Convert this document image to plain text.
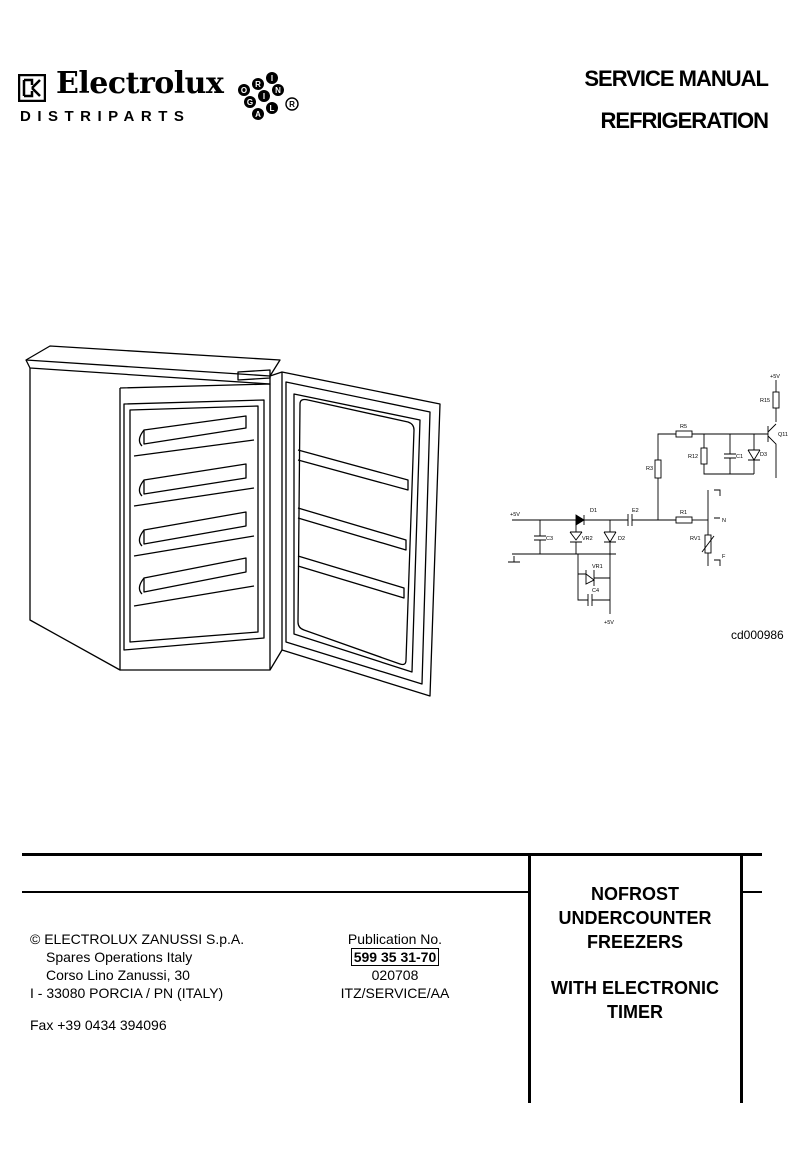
Electrolux
DISTRIPARTS
O
R
I
G
I
N
A
L R
SERVICE MANUAL
REFRIGERATION
+5V
R15
R5
Q11
R3
R12	C1	D3
+5V
D1	E2	R1
C3	VR2	D2	RV1
N
F
VR1
C4
+5V
cd000986
© ELECTROLUX ZANUSSI S.p.A.
Spares Operations Italy
Corso Lino Zanussi, 30
I - 33080 PORCIA / PN (ITALY)
Fax +39 0434 394096
Publication No.
599 35 31-70
020708
ITZ/SERVICE/AA
NOFROST
UNDERCOUNTER
FREEZERS
WITH ELECTRONIC
TIMER
